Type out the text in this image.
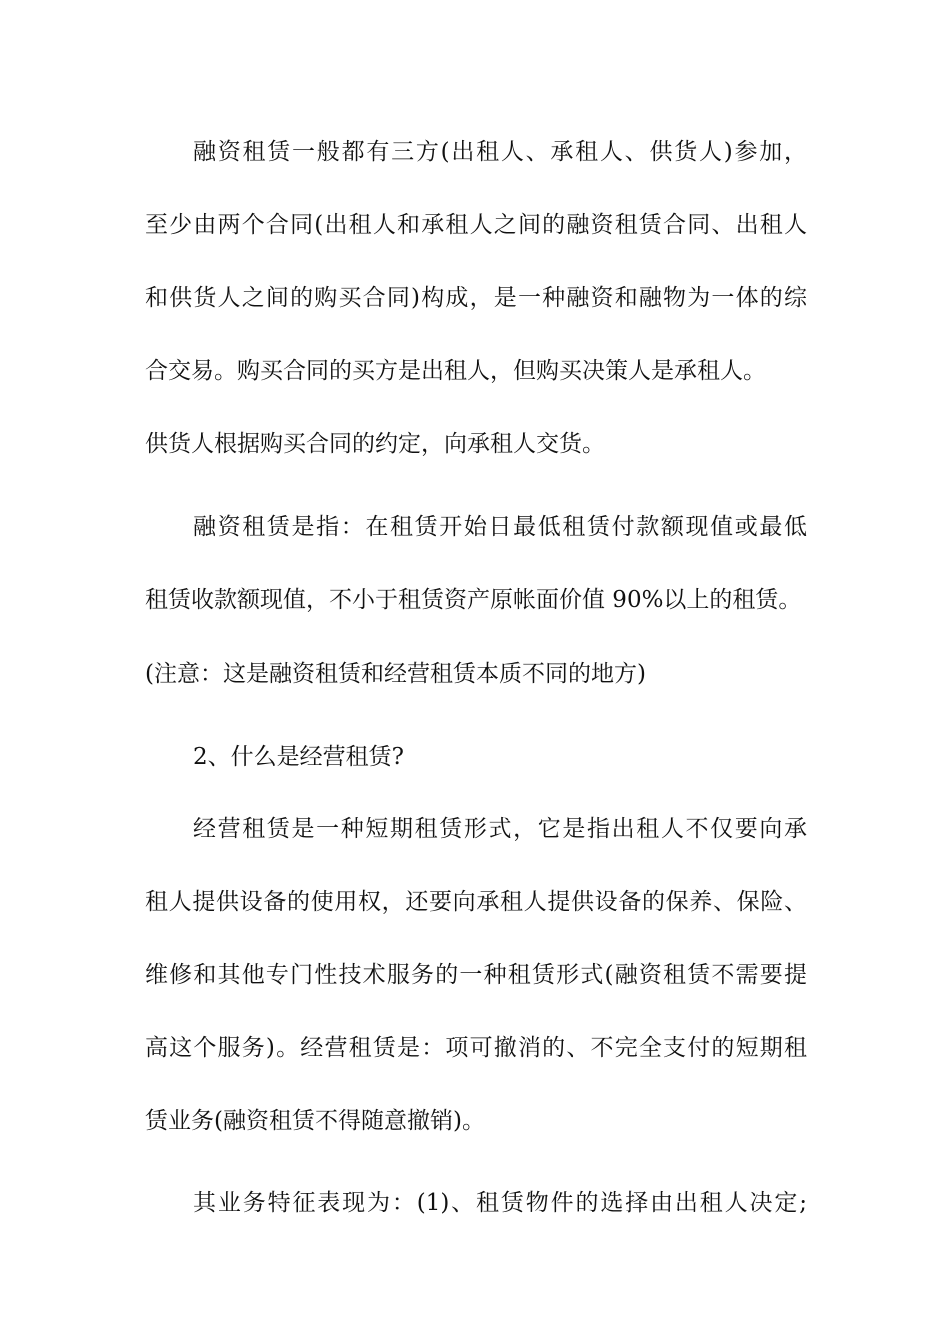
融资租赁一般都有三方(出租人、承租人、供货人)参加，
至少由两个合同(出租人和承租人之间的融资租赁合同、出租人
和供货人之间的购买合同)构成，是一种融资和融物为一体的综
合交易。购买合同的买方是出租人，但购买决策人是承租人。
供货人根据购买合同的约定，向承租人交货。
融资租赁是指：在租赁开始日最低租赁付款额现值或最低
租赁收款额现值，不小于租赁资产原帐面价值 90%以上的租赁。
(注意：这是融资租赁和经营租赁本质不同的地方)
2、什么是经营租赁?
经营租赁是一种短期租赁形式，它是指出租人不仅要向承
租人提供设备的使用权，还要向承租人提供设备的保养、保险、
维修和其他专门性技术服务的一种租赁形式(融资租赁不需要提
高这个服务)。经营租赁是：项可撤消的、不完全支付的短期租
赁业务(融资租赁不得随意撤销)。
其业务特征表现为：(1)、租赁物件的选择由出租人决定;
